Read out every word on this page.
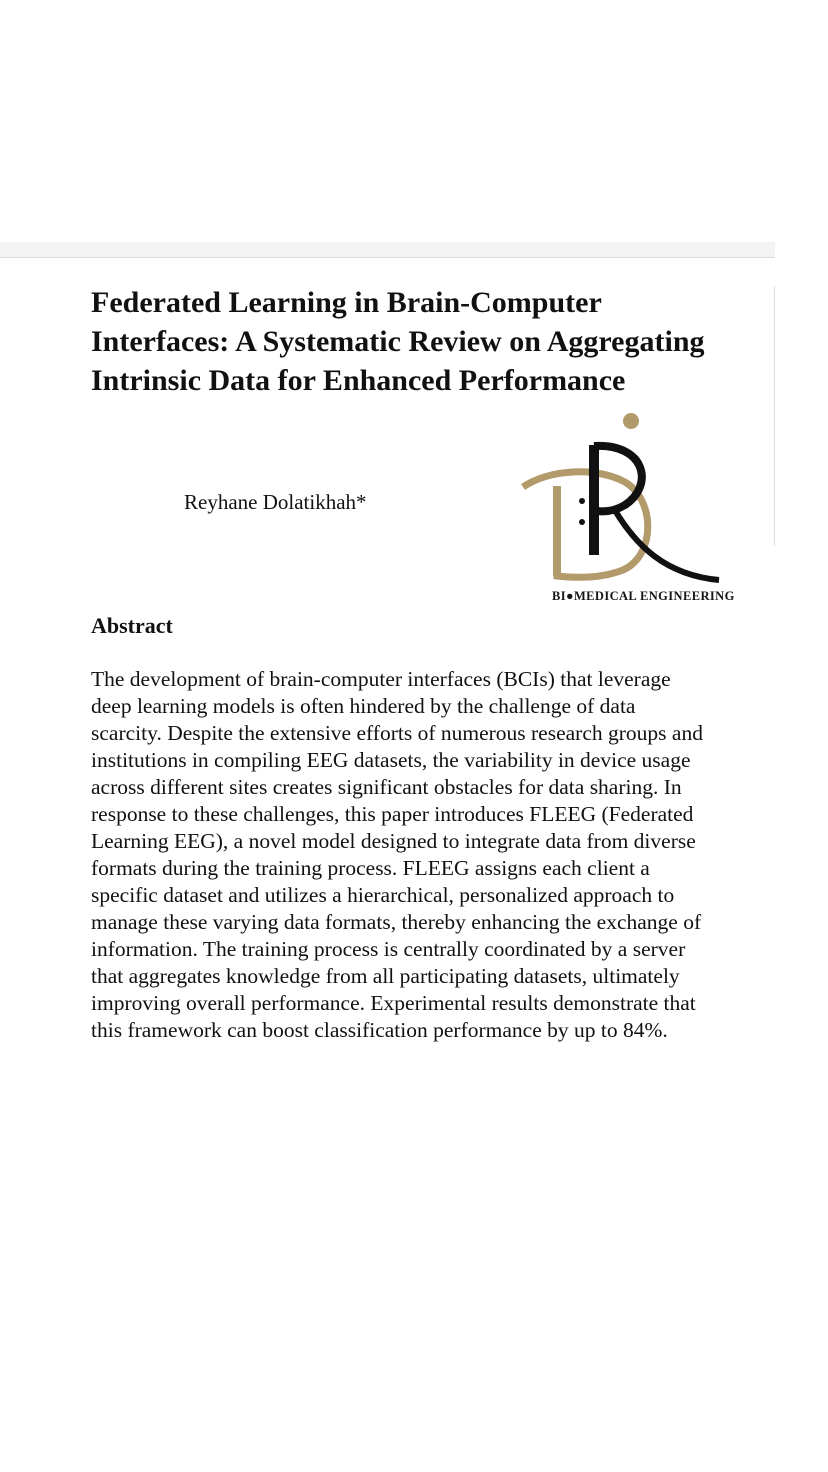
Federated Learning in Brain-Computer Interfaces: A Systematic Review on Aggregating Intrinsic Data for Enhanced Performance
Reyhane Dolatikhah*
BI●MEDICAL ENGINEERING
Abstract

The development of brain-computer interfaces (BCIs) that leverage deep learning models is often hindered by the challenge of data scarcity. Despite the extensive efforts of numerous research groups and institutions in compiling EEG datasets, the variability in device usage across different sites creates significant obstacles for data sharing. In response to these challenges, this paper introduces FLEEG (Federated Learning EEG), a novel model designed to integrate data from diverse formats during the training process. FLEEG assigns each client a specific dataset and utilizes a hierarchical, personalized approach to manage these varying data formats, thereby enhancing the exchange of information. The training process is centrally coordinated by a server that aggregates knowledge from all participating datasets, ultimately improving overall performance. Experimental results demonstrate that this framework can boost classification performance by up to 84%.
